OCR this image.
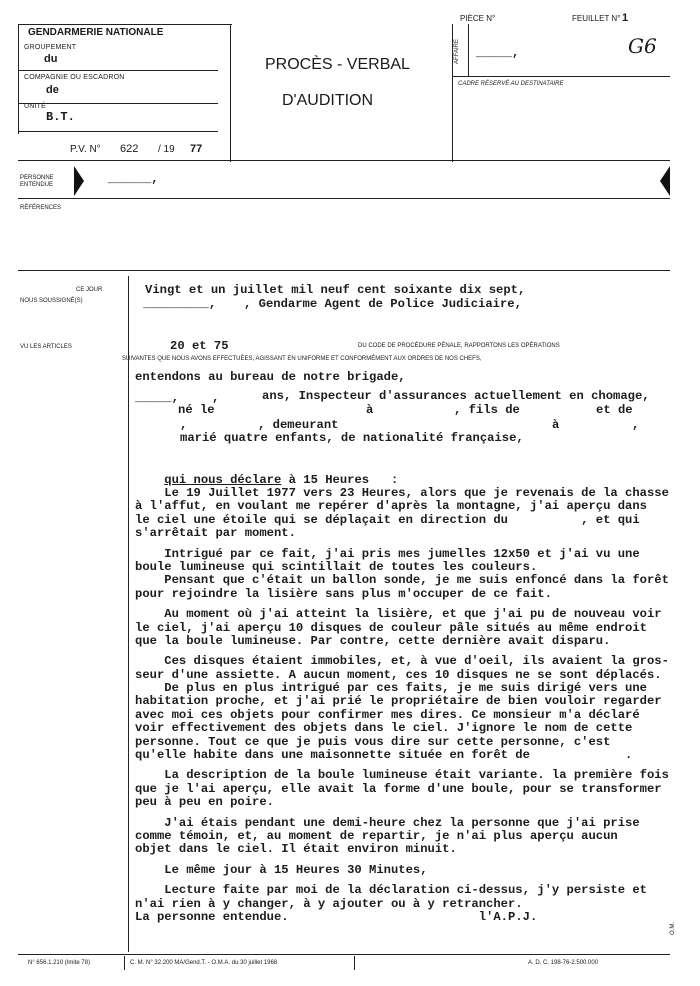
GENDARMERIE NATIONALE
GROUPEMENT
du
COMPAGNIE OU ESCADRON
de
UNITÉ
B.T.
P.V. N° 622 / 19 77
PROCÈS - VERBAL
D'AUDITION
PIÈCE N°	FEUILLET N° 1
G6
AFFAIRE _____,
CADRE RÉSERVÉ AU DESTINATAIRE
PERSONNE
ENTENDUE	______,
RÉFÉRENCES
CE JOUR
NOUS SOUSSIGNÉ(S)
VU LES ARTICLES
Vingt et un juillet mil neuf cent soixante dix sept,
_________, , Gendarme Agent de Police Judiciaire,
20 et 75	DU CODE DE PROCÉDURE PÉNALE, RAPPORTONS LES OPÉRATIONS
SUIVANTES QUE NOUS AVONS EFFECTUÉES, AGISSANT EN UNIFORME ET CONFORMÉMENT AUX ORDRES DE NOS CHEFS,
entendons au bureau de notre brigade,
_____,	,	ans, Inspecteur d'assurances actuellement en chomage,
né le	à	, fils de	et de
,	, demeurant	à	,
marié quatre enfants, de nationalité française,

qui nous déclare à 15 Heures   :

Le 19 Juillet 1977 vers 23 Heures, alors que je revenais de la chasse
à l'affut, en voulant me repérer d'après la montagne, j'ai aperçu dans
le ciel une étoile qui se déplaçait en direction du          , et qui
s'arrêtait par moment.
Intrigué par ce fait, j'ai pris mes jumelles 12x50 et j'ai vu une
boule lumineuse qui scintillait de toutes les couleurs.
Pensant que c'était un ballon sonde, je me suis enfoncé dans la forêt
pour rejoindre la lisière sans plus m'occuper de ce fait.
Au moment où j'ai atteint la lisière, et que j'ai pu de nouveau voir
le ciel, j'ai aperçu 10 disques de couleur pâle situés au même endroit
que la boule lumineuse. Par contre, cette dernière avait disparu.
Ces disques étaient immobiles, et, à vue d'oeil, ils avaient la gros-
seur d'une assiette. A aucun moment, ces 10 disques ne se sont déplacés.
De plus en plus intrigué par ces faits, je me suis dirigé vers une
habitation proche, et j'ai prié le propriétaire de bien vouloir regarder
avec moi ces objets pour confirmer mes dires. Ce monsieur m'a déclaré
voir effectivement des objets dans le ciel. J'ignore le nom de cette
personne. Tout ce que je puis vous dire sur cette personne, c'est
qu'elle habite dans une maisonnette située en forêt de             .
La description de la boule lumineuse était variante. la première fois
que je l'ai aperçu, elle avait la forme d'une boule, pour se transformer
peu à peu en poire.
J'ai étais pendant une demi-heure chez la personne que j'ai prise
comme témoin, et, au moment de repartir, je n'ai plus aperçu aucun
objet dans le ciel. Il était environ minuit.
Le même jour à 15 Heures 30 Minutes,
Lecture faite par moi de la déclaration ci-dessus, j'y persiste et
n'ai rien à y changer, à y ajouter ou à y retrancher.
La personne entendue.                          l'A.P.J.
O.M.
N° 656.1.210 (Imite 78)	C. M. N° 32.200 MA/Gend.T. - O.M.A. du 30 juillet 1968	A. D. C. 198-76-2.500.000
